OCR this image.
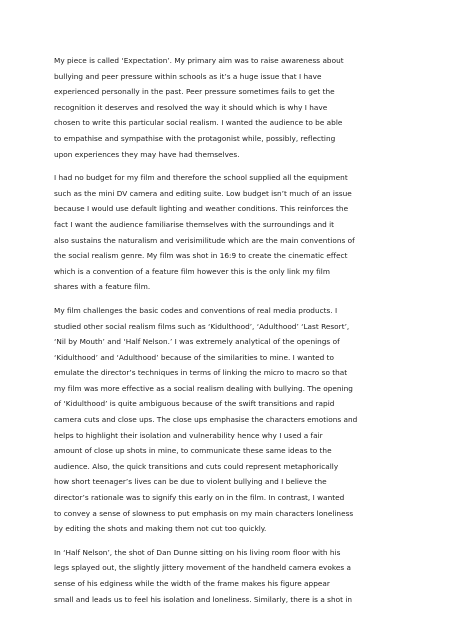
My piece is called ‘Expectation’. My primary aim was to raise awareness about
bullying and peer pressure within schools as it’s a huge issue that I have
experienced personally in the past. Peer pressure sometimes fails to get the
recognition it deserves and resolved the way it should which is why I have
chosen to write this particular social realism. I wanted the audience to be able
to empathise and sympathise with the protagonist while, possibly, reflecting
upon experiences they may have had themselves.
I had no budget for my film and therefore the school supplied all the equipment
such as the mini DV camera and editing suite. Low budget isn’t much of an issue
because I would use default lighting and weather conditions. This reinforces the
fact I want the audience familiarise themselves with the surroundings and it
also sustains the naturalism and verisimilitude which are the main conventions of
the social realism genre. My film was shot in 16:9 to create the cinematic effect
which is a convention of a feature film however this is the only link my film
shares with a feature film.
My film challenges the basic codes and conventions of real media products. I
studied other social realism films such as ‘Kidulthood’, ‘Adulthood’ ‘Last Resort’,
‘Nil by Mouth’ and ‘Half Nelson.’ I was extremely analytical of the openings of
‘Kidulthood’ and ‘Adulthood’ because of the similarities to mine. I wanted to
emulate the director’s techniques in terms of linking the micro to macro so that
my film was more effective as a social realism dealing with bullying. The opening
of ‘Kidulthood’ is quite ambiguous because of the swift transitions and rapid
camera cuts and close ups. The close ups emphasise the characters emotions and
helps to highlight their isolation and vulnerability hence why I used a fair
amount of close up shots in mine, to communicate these same ideas to the
audience. Also, the quick transitions and cuts could represent metaphorically
how short teenager’s lives can be due to violent bullying and I believe the
director’s rationale was to signify this early on in the film. In contrast, I wanted
to convey a sense of slowness to put emphasis on my main characters loneliness
by editing the shots and making them not cut too quickly.
In ‘Half Nelson’, the shot of Dan Dunne sitting on his living room floor with his
legs splayed out, the slightly jittery movement of the handheld camera evokes a
sense of his edginess while the width of the frame makes his figure appear
small and leads us to feel his isolation and loneliness. Similarly, there is a shot in
